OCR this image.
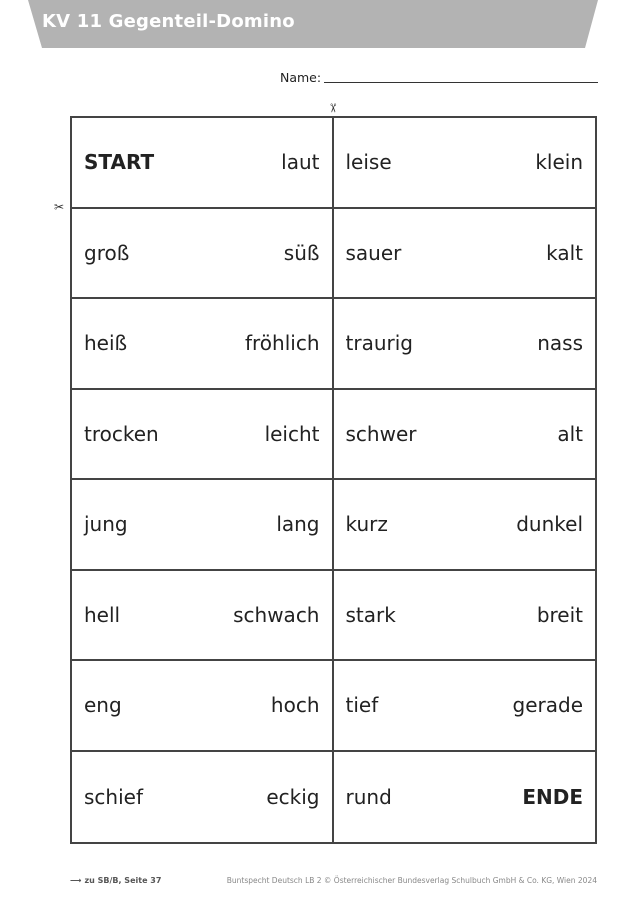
KV 11 Gegenteil-Domino
Name:
✂
✂
START	laut leise	klein
groß	süß sauer	kalt
heiß	fröhlich traurig	nass
trocken	leicht schwer	alt
jung	lang kurz	dunkel
hell	schwach stark	breit
eng	hoch tief	gerade
schief	eckig rund	ENDE
⟶ zu SB/B, Seite 37	Buntspecht Deutsch LB 2 © Österreichischer Bundesverlag Schulbuch GmbH & Co. KG, Wien 2024
